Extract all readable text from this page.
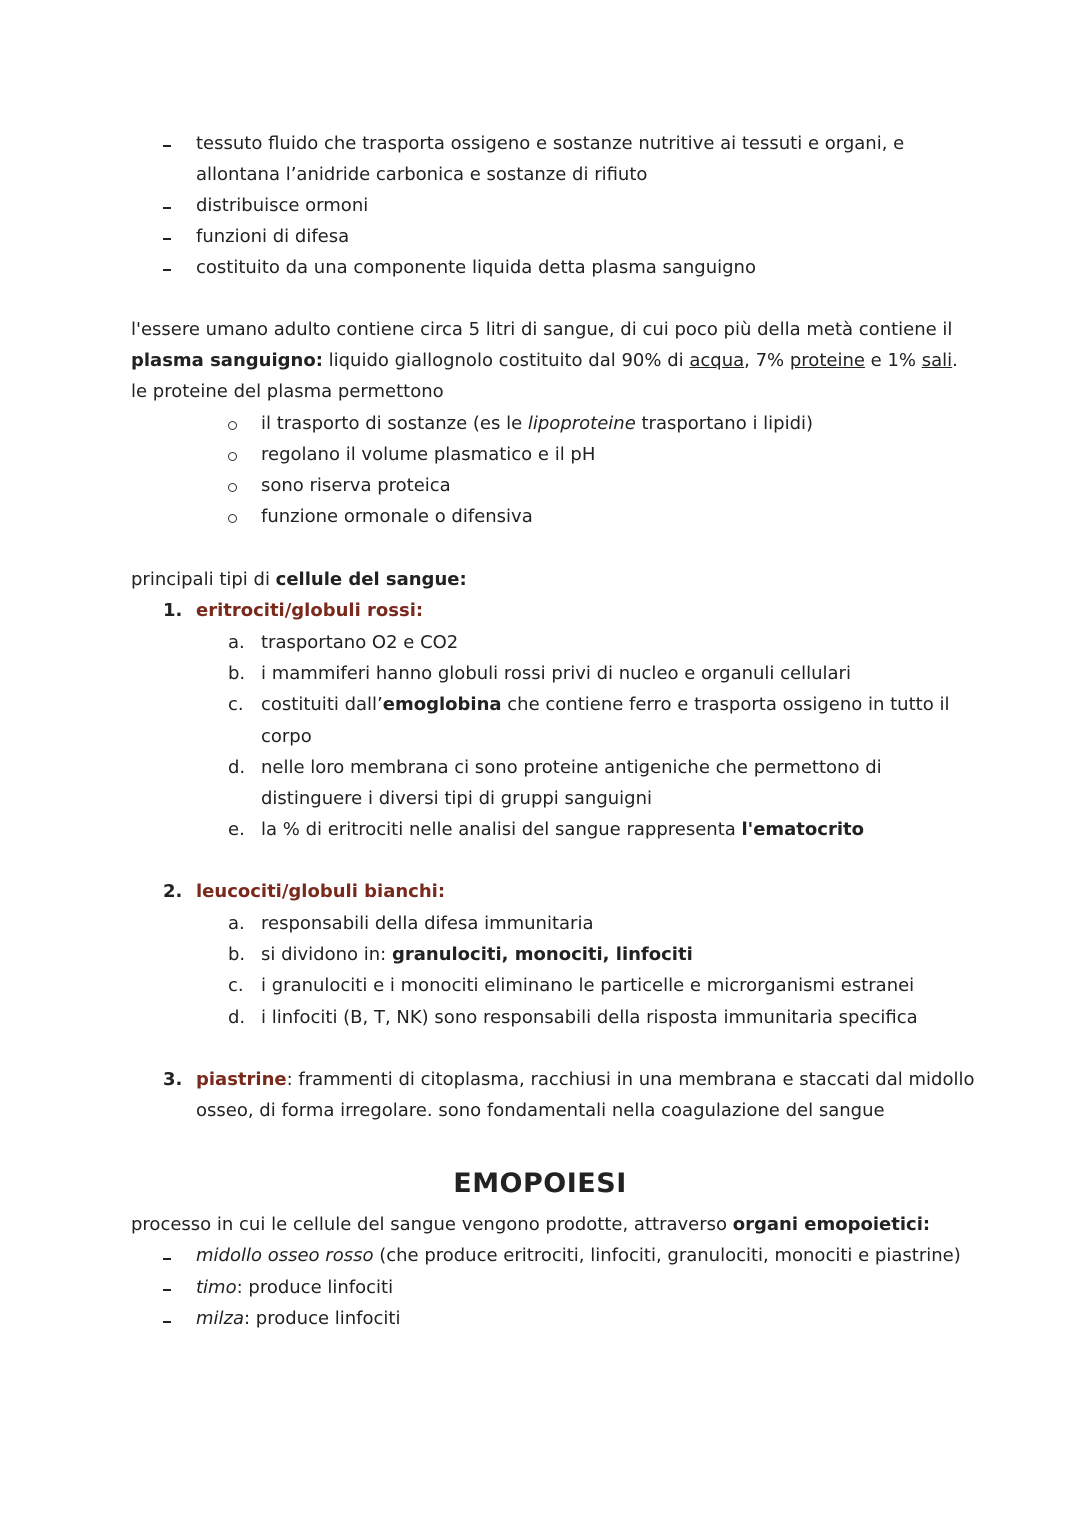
tessuto fluido che trasporta ossigeno e sostanze nutritive ai tessuti e organi, e
allontana l’anidride carbonica e sostanze di rifiuto
distribuisce ormoni
funzioni di difesa
costituito da una componente liquida detta plasma sanguigno
l'essere umano adulto contiene circa 5 litri di sangue, di cui poco più della metà contiene il
plasma sanguigno: liquido giallognolo costituito dal 90% di acqua, 7% proteine e 1% sali.
le proteine del plasma permettono
il trasporto di sostanze (es le lipoproteine trasportano i lipidi)
regolano il volume plasmatico e il pH
sono riserva proteica
funzione ormonale o difensiva
principali tipi di cellule del sangue:
1. eritrociti/globuli rossi:
a. trasportano O2 e CO2
b. i mammiferi hanno globuli rossi privi di nucleo e organuli cellulari
c. costituiti dall’emoglobina che contiene ferro e trasporta ossigeno in tutto il
corpo
d. nelle loro membrana ci sono proteine antigeniche che permettono di
distinguere i diversi tipi di gruppi sanguigni
e. la % di eritrociti nelle analisi del sangue rappresenta l'ematocrito
2. leucociti/globuli bianchi:
a. responsabili della difesa immunitaria
b. si dividono in: granulociti, monociti, linfociti
c. i granulociti e i monociti eliminano le particelle e microrganismi estranei
d. i linfociti (B, T, NK) sono responsabili della risposta immunitaria specifica
3. piastrine: frammenti di citoplasma, racchiusi in una membrana e staccati dal midollo
osseo, di forma irregolare. sono fondamentali nella coagulazione del sangue
EMOPOIESI
processo in cui le cellule del sangue vengono prodotte, attraverso organi emopoietici:
midollo osseo rosso (che produce eritrociti, linfociti, granulociti, monociti e piastrine)
timo: produce linfociti
milza: produce linfociti
